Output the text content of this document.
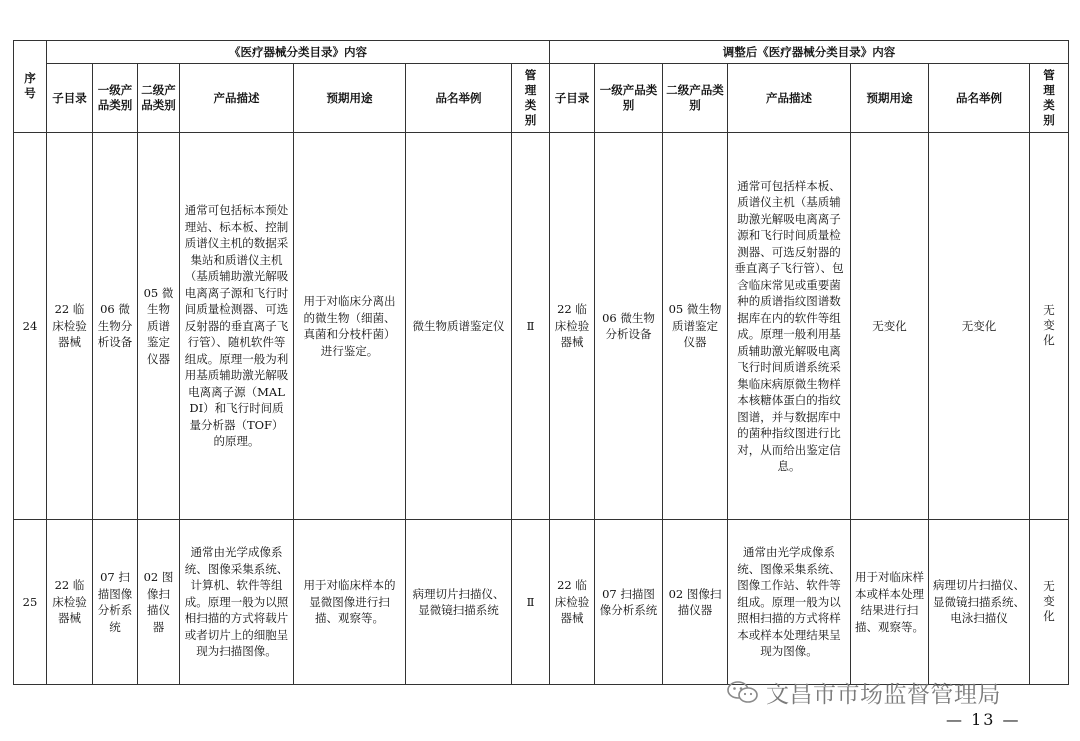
序号	《医疗器械分类目录》内容							调整后《医疗器械分类目录》内容						
	子目录	一级产品类别	二级产品类别	产品描述	预期用途	品名举例	管理类别	子目录	一级产品类别	二级产品类别	产品描述	预期用途	品名举例	管理类别
24	22 临床检验器械	06 微生物分析设备	05 微生物质谱鉴定仪器	通常可包括标本预处理站、标本板、控制质谱仪主机的数据采集站和质谱仪主机（基质辅助激光解吸电离离子源和飞行时间质量检测器、可选反射器的垂直离子飞行管）、随机软件等组成。原理一般为利用基质辅助激光解吸电离离子源（MALDI）和飞行时间质量分析器（TOF）的原理。	用于对临床分离出的微生物（细菌、真菌和分枝杆菌）进行鉴定。	微生物质谱鉴定仪	Ⅱ	22 临床检验器械	06 微生物分析设备	05 微生物质谱鉴定仪器	通常可包括样本板、质谱仪主机（基质辅助激光解吸电离离子源和飞行时间质量检测器、可选反射器的垂直离子飞行管）、包含临床常见或重要菌种的质谱指纹图谱数据库在内的软件等组成。原理一般利用基质辅助激光解吸电离飞行时间质谱系统采集临床病原微生物样本核糖体蛋白的指纹图谱，并与数据库中的菌种指纹图进行比对，从而给出鉴定信息。	无变化	无变化	无变化
25	22 临床检验器械	07 扫描图像分析系统	02 图像扫描仪器	通常由光学成像系统、图像采集系统、计算机、软件等组成。原理一般为以照相扫描的方式将载片或者切片上的细胞呈现为扫描图像。	用于对临床样本的显微图像进行扫描、观察等。	病理切片扫描仪、显微镜扫描系统	Ⅱ	22 临床检验器械	07 扫描图像分析系统	02 图像扫描仪器	通常由光学成像系统、图像采集系统、图像工作站、软件等组成。原理一般为以照相扫描的方式将样本或样本处理结果呈现为图像。	用于对临床样本或样本处理结果进行扫描、观察等。	病理切片扫描仪、显微镜扫描系统、电泳扫描仪	无变化
文昌市市场监督管理局
— 13 —
